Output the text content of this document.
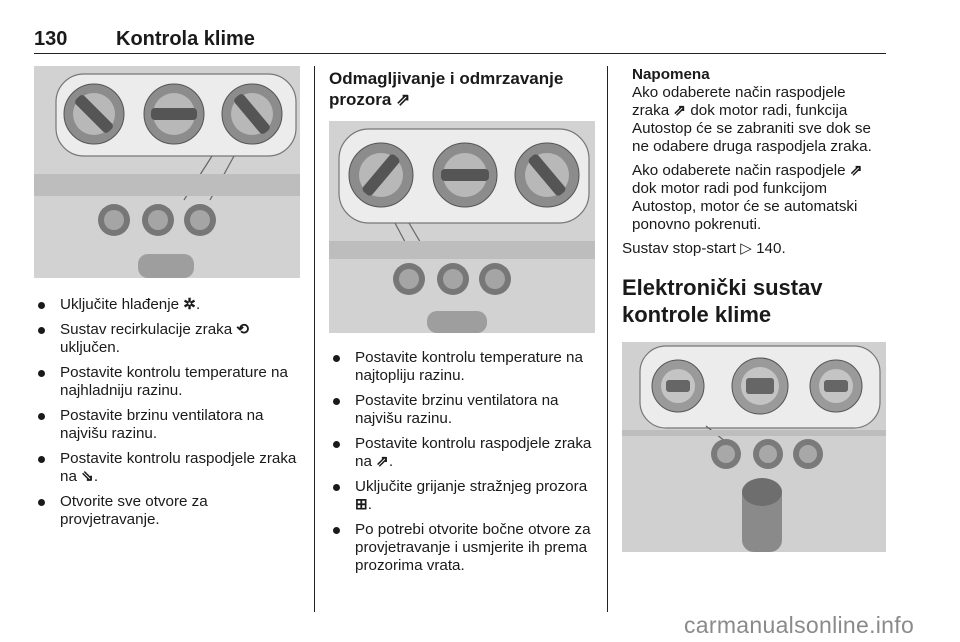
130 Kontrola klime
Uključite hlađenje ✲.
Sustav recirkulacije zraka ⟲
uključen.
Postavite kontrolu temperature na najhladniju razinu.
Postavite brzinu ventilatora na najvišu razinu.
Postavite kontrolu raspodjele zraka na ⇘.
Otvorite sve otvore za provjetravanje.
Odmagljivanje i odmrzavanje prozora ⇗
Postavite kontrolu temperature na najtopliju razinu.
Postavite brzinu ventilatora na najvišu razinu.
Postavite kontrolu raspodjele zraka na ⇗.
Uključite grijanje stražnjeg prozora ⊞.
Po potrebi otvorite bočne otvore za provjetravanje i usmjerite ih prema prozorima vrata.
Napomena

Ako odaberete način raspodjele zraka ⇗ dok motor radi, funkcija Autostop će se zabraniti sve dok se ne odabere druga raspodjela zraka.

Ako odaberete način raspodjele ⇗ dok motor radi pod funkcijom Autostop, motor će se automatski ponovno pokrenuti.

Sustav stop-start ▷ 140.
Elektronički sustav kontrole klime
carmanualsonline.info
